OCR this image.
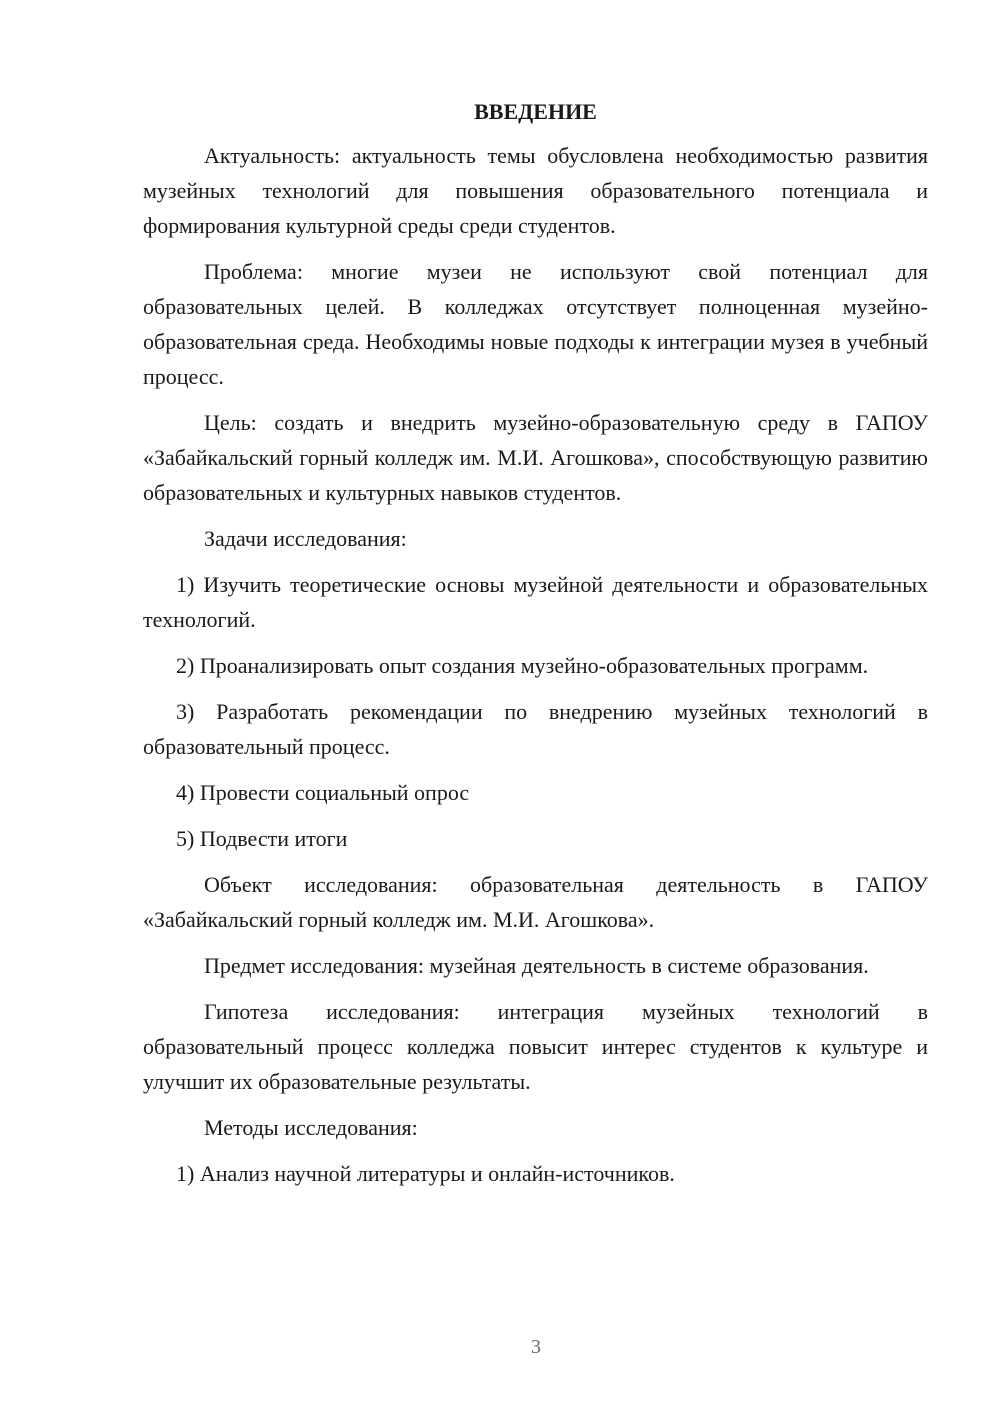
ВВЕДЕНИЕ

Актуальность: актуальность темы обусловлена необходимостью развития музейных технологий для повышения образовательного потенциала и формирования культурной среды среди студентов.

Проблема: многие музеи не используют свой потенциал для образовательных целей. В колледжах отсутствует полноценная музейно-образовательная среда. Необходимы новые подходы к интеграции музея в учебный процесс.

Цель: создать и внедрить музейно-образовательную среду в ГАПОУ «Забайкальский горный колледж им. М.И. Агошкова», способствующую развитию образовательных и культурных навыков студентов.

Задачи исследования:

1) Изучить теоретические основы музейной деятельности и образовательных технологий.

2) Проанализировать опыт создания музейно-образовательных программ.

3) Разработать рекомендации по внедрению музейных технологий в образовательный процесс.

4) Провести социальный опрос

5) Подвести итоги

Объект исследования: образовательная деятельность в ГАПОУ «Забайкальский горный колледж им. М.И. Агошкова».

Предмет исследования: музейная деятельность в системе образования.

Гипотеза исследования: интеграция музейных технологий в образовательный процесс колледжа повысит интерес студентов к культуре и улучшит их образовательные результаты.

Методы исследования:

1) Анализ научной литературы и онлайн-источников.

3
